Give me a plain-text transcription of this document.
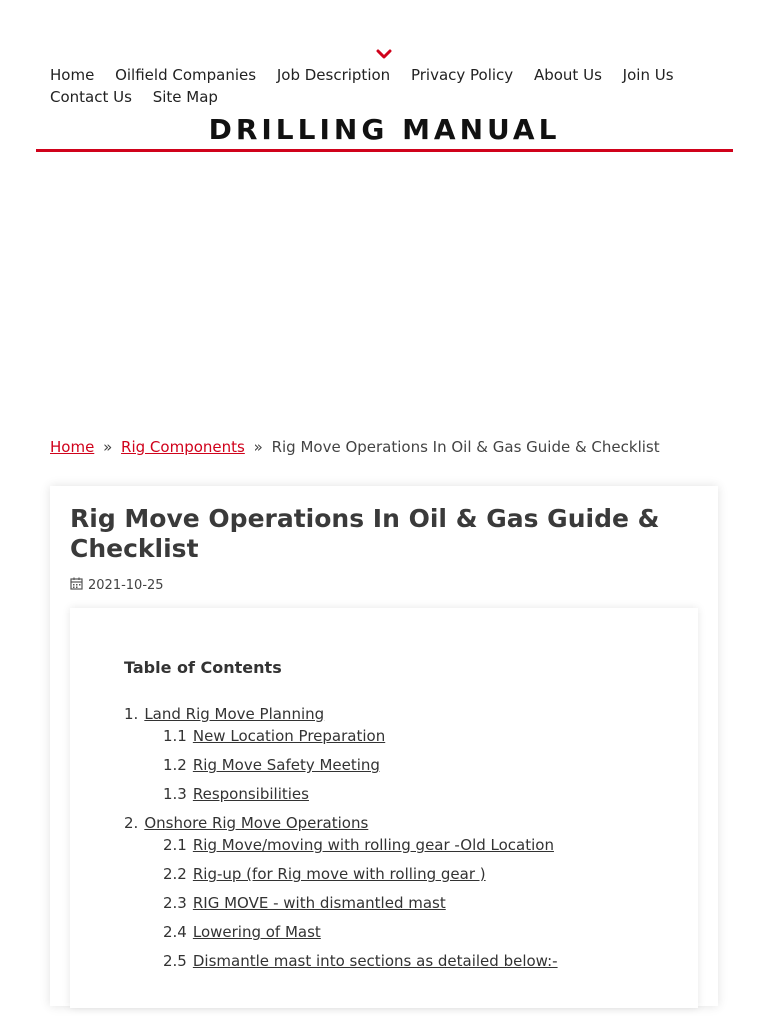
Home Oilfield Companies Job Description Privacy Policy About Us Join Us Contact Us Site Map
DRILLING MANUAL
Home » Rig Components » Rig Move Operations In Oil & Gas Guide & Checklist
Rig Move Operations In Oil & Gas Guide & Checklist
2021-10-25
Table of Contents
1. Land Rig Move Planning
1.1 New Location Preparation
1.2 Rig Move Safety Meeting
1.3 Responsibilities
2. Onshore Rig Move Operations
2.1 Rig Move/moving with rolling gear -Old Location
2.2 Rig-up (for Rig move with rolling gear )
2.3 RIG MOVE - with dismantled mast
2.4 Lowering of Mast
2.5 Dismantle mast into sections as detailed below:-
